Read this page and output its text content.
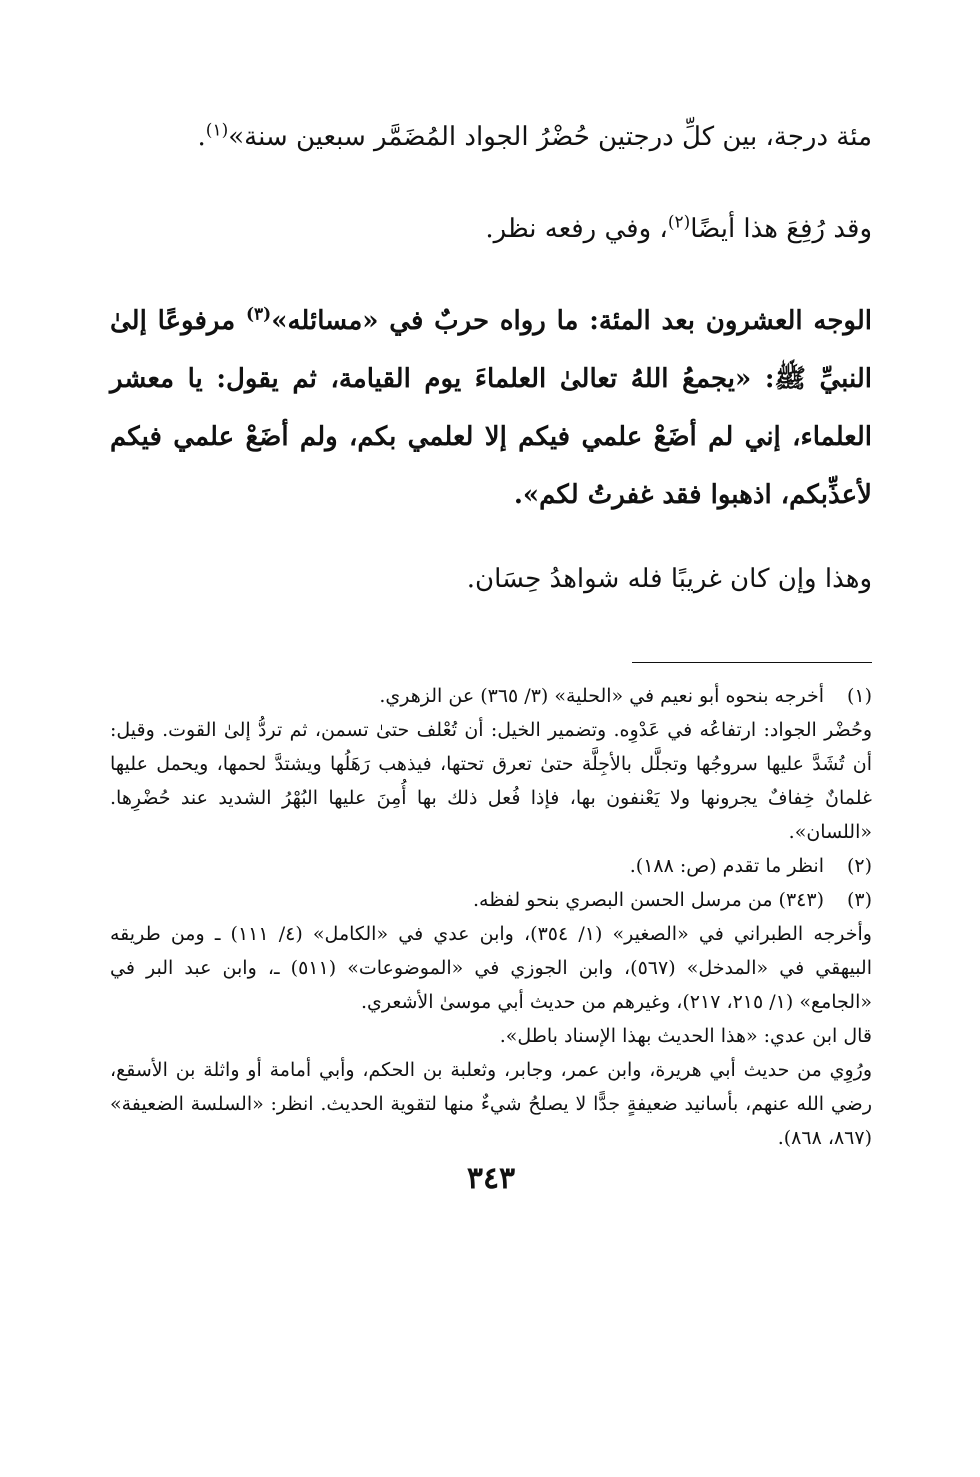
مئة درجة، بين كلِّ درجتين حُضْرُ الجواد المُضَمَّر سبعين سنة»$^{(١)}$.

وقد رُفِعَ هذا أيضًا$^{(٢)}$، وفي رفعه نظر.

الوجه العشرون بعد المئة: ما رواه حربٌ في «مسائله»$^{(٣)}$ مرفوعًا إلىٰ النبيِّ ﷺ: «يجمعُ اللهُ تعالىٰ العلماءَ يوم القيامة، ثم يقول: يا معشر العلماء، إني لم أضَعْ علمي فيكم إلا لعلمي بكم، ولم أضَعْ علمي فيكم لأعذِّبكم، اذهبوا فقد غفرتُ لكم».

وهذا وإن كان غريبًا فله شواهدُ حِسَان.

(١)

أخرجه بنحوه أبو نعيم في «الحلية» (٣/ ٣٦٥) عن الزهري.

وحُضْر الجواد: ارتفاعُه في عَدْوِه. وتضمير الخيل: أن تُعْلف حتىٰ تسمن، ثم تردُّ إلىٰ القوت. وقيل: أن تُشَدَّ عليها سروجُها وتجلَّل بالأجِلَّة حتىٰ تعرق تحتها، فيذهب رَهَلُها ويشتدَّ لحمها، ويحمل عليها غلمانٌ خِفافٌ يجرونها ولا يَعْنفون بها، فإذا فُعل ذلك بها أُمِنَ عليها البُهْرُ الشديد عند حُضْرِها. «اللسان».

(٢)

انظر ما تقدم (ص: ١٨٨).

(٣)

(٣٤٣) من مرسل الحسن البصري بنحو لفظه.

وأخرجه الطبراني في «الصغير» (١/ ٣٥٤)، وابن عدي في «الكامل» (٤/ ١١١) ـ ومن طريقه البيهقي في «المدخل» (٥٦٧)، وابن الجوزي في «الموضوعات» (٥١١) ـ، وابن عبد البر في «الجامع» (١/ ٢١٥، ٢١٧)، وغيرهم من حديث أبي موسىٰ الأشعري.

قال ابن عدي: «هذا الحديث بهذا الإسناد باطل».

ورُوِي من حديث أبي هريرة، وابن عمر، وجابر، وثعلبة بن الحكم، وأبي أمامة أو واثلة بن الأسقع، رضي الله عنهم، بأسانيد ضعيفةٍ جدًّا لا يصلحُ شيءٌ منها لتقوية الحديث. انظر: «السلسة الضعيفة» (٨٦٧، ٨٦٨).

٣٤٣
